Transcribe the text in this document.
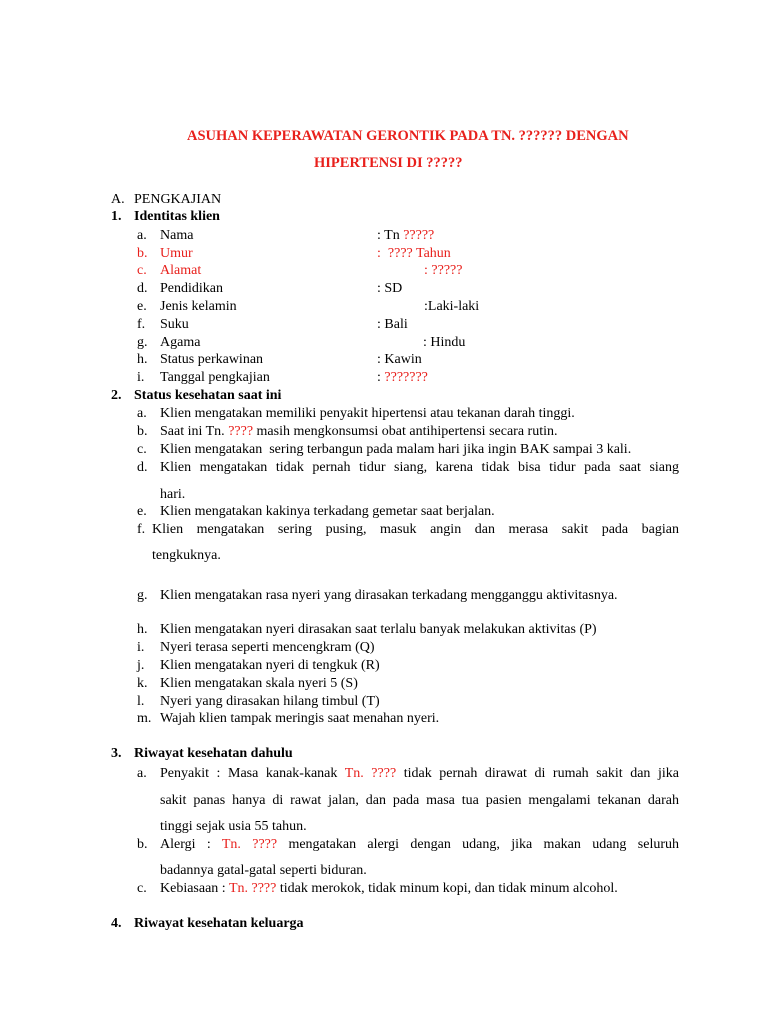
ASUHAN KEPERAWATAN GERONTIK PADA TN. ?????? DENGAN
HIPERTENSI DI ?????
A. PENGKAJIAN
1. Identitas klien
a. Nama	: Tn ?????
b. Umur	:  ???? Tahun
c. Alamat	: ?????
d. Pendidikan	: SD
e. Jenis kelamin	:Laki-laki
f. Suku	: Bali
g. Agama	: Hindu
h. Status perkawinan	: Kawin
i. Tanggal pengkajian	: ???????
2. Status kesehatan saat ini
a. Klien mengatakan memiliki penyakit hipertensi atau tekanan darah tinggi.
b. Saat ini Tn. ???? masih mengkonsumsi obat antihipertensi secara rutin.
c. Klien mengatakan  sering terbangun pada malam hari jika ingin BAK sampai 3 kali.
d. Klien mengatakan tidak pernah tidur siang, karena tidak bisa tidur pada saat siang
hari.
e. Klien mengatakan kakinya terkadang gemetar saat berjalan.
f. Klien mengatakan sering pusing, masuk angin dan merasa sakit pada bagian
tengkuknya.
g. Klien mengatakan rasa nyeri yang dirasakan terkadang mengganggu aktivitasnya.
h. Klien mengatakan nyeri dirasakan saat terlalu banyak melakukan aktivitas (P)
i. Nyeri terasa seperti mencengkram (Q)
j. Klien mengatakan nyeri di tengkuk (R)
k. Klien mengatakan skala nyeri 5 (S)
l. Nyeri yang dirasakan hilang timbul (T)
m. Wajah klien tampak meringis saat menahan nyeri.
3. Riwayat kesehatan dahulu
a. Penyakit : Masa kanak-kanak Tn. ???? tidak pernah dirawat di rumah sakit dan jika
sakit panas hanya di rawat jalan, dan pada masa tua pasien mengalami tekanan darah
tinggi sejak usia 55 tahun.
b. Alergi : Tn. ???? mengatakan alergi dengan udang, jika makan udang seluruh
badannya gatal-gatal seperti biduran.
c. Kebiasaan : Tn. ???? tidak merokok, tidak minum kopi, dan tidak minum alcohol.
4. Riwayat kesehatan keluarga
